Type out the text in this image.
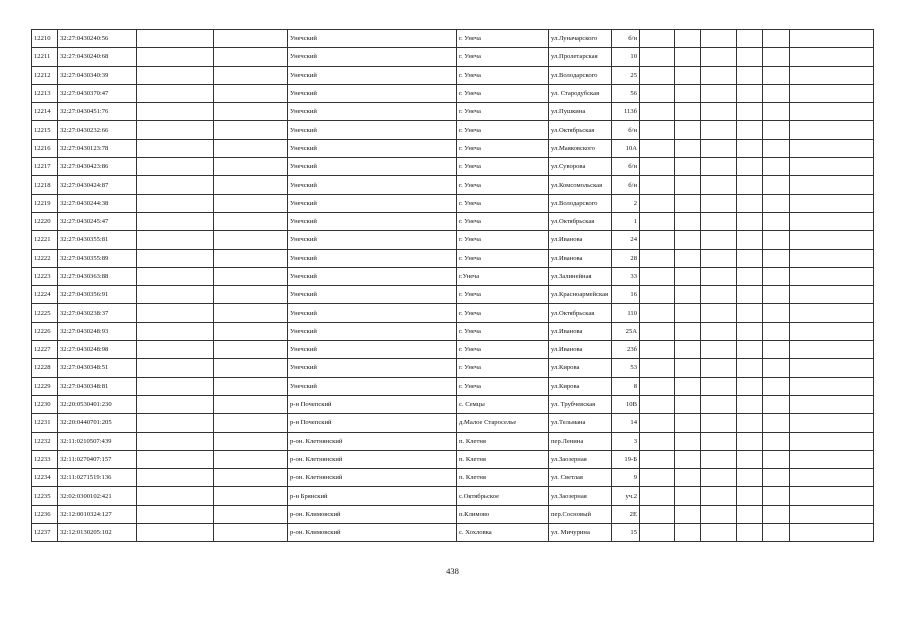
12210	32:27:0430240:56			Унечский	г. Унеча	ул.Луначарского	б/н						
12211	32:27:0430240:68			Унечский	г. Унеча	ул.Пролетарская	10						
12212	32:27:0430340:39			Унечский	г. Унеча	ул.Володарского	25						
12213	32:27:0430370:47			Унечский	г. Унеча	ул. Стародубская	56						
12214	32:27:0430451:76			Унечский	г. Унеча	ул.Пушкина	113б						
12215	32:27:0430232:66			Унечский	г. Унеча	ул.Октябрьская	б/н						
12216	32:27:0430123:78			Унечский	г. Унеча	ул.Маяковского	10А						
12217	32:27:0430423:86			Унечский	г. Унеча	ул.Суворова	б/н						
12218	32:27:0430424:87			Унечский	г. Унеча	ул.Комсомольская	б/н						
12219	32:27:0430244:38			Унечский	г. Унеча	ул.Володарского	2						
12220	32:27:0430245:47			Унечский	г. Унеча	ул.Октябрьская	1						
12221	32:27:0430355:81			Унечский	г. Унеча	ул.Иванова	24						
12222	32:27:0430355:89			Унечский	г. Унеча	ул.Иванова	28						
12223	32:27:0430363:88			Унечский	г.Унеча	ул.Залинейная	33						
12224	32:27:0430356:91			Унечский	г. Унеча	ул.Красноармейская	16						
12225	32:27:0430238:37			Унечский	г. Унеча	ул.Октябрьская	110						
12226	32:27:0430248:93			Унечский	г. Унеча	ул.Иванова	25А						
12227	32:27:0430248:98			Унечский	г. Унеча	ул.Иванова	23б						
12228	32:27:0430348:51			Унечский	г. Унеча	ул.Кирова	53						
12229	32:27:0430348:81			Унечский	г. Унеча	ул.Кирова	8						
12230	32:20:0530401:230			р-н Почепский	с. Семцы	ул. Трубчевская	10В						
12231	32:20:0440701:205			р-н Почепский	д.Малое Староселье	ул.Тельмана	14						
12232	32:11:0210507:439			р-он. Клетнянский	п. Клетня	пер.Ленина	3						
12233	32:11:0270407:157			р-он. Клетнянский	п. Клетня	ул.Заозерная	19-Б						
12234	32:11:0271519:136			р-он. Клетнянский	п. Клетня	ул. Светлая	9						
12235	32:02:0300102:421			р-н Брянский	с.Октябрьское	ул.Заозерная	уч.2						
12236	32:12:0010324:127			р-он. Климовский	п.Климово	пер.Сосновый	2Е						
12237	32:12:0130205:102			р-он. Климовский	с. Хохловка	ул. Мичурина	15						
438
